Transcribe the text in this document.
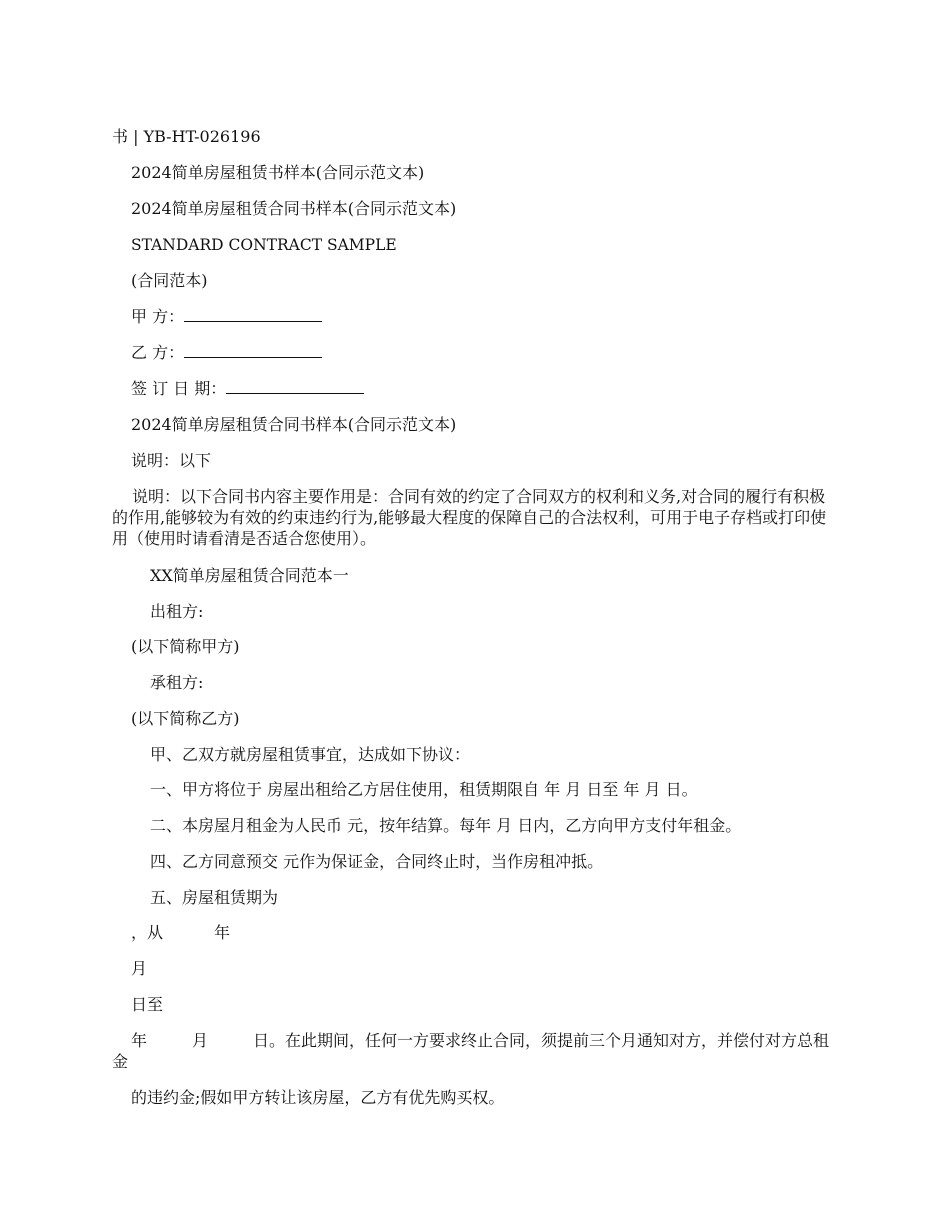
书 | YB-HT-026196
2024简单房屋租赁书样本(合同示范文本)
2024简单房屋租赁合同书样本(合同示范文本)
STANDARD CONTRACT SAMPLE
(合同范本)
甲 方：
乙 方：
签 订 日 期：
2024简单房屋租赁合同书样本(合同示范文本)
说明：以下
说明：以下合同书内容主要作用是：合同有效的约定了合同双方的权利和义务,对合同的履行有积极的作用,能够较为有效的约束违约行为,能够最大程度的保障自己的合法权利，可用于电子存档或打印使用（使用时请看清是否适合您使用）。
XX简单房屋租赁合同范本一
出租方:
(以下简称甲方)
承租方:
(以下简称乙方)
甲、乙双方就房屋租赁事宜，达成如下协议：
一、甲方将位于 房屋出租给乙方居住使用，租赁期限自 年 月 日至 年 月 日。
二、本房屋月租金为人民币 元，按年结算。每年 月 日内，乙方向甲方支付年租金。
四、乙方同意预交 元作为保证金，合同终止时，当作房租冲抵。
五、房屋租赁期为
，从	年
月
日至
年	月	日。在此期间，任何一方要求终止合同，须提前三个月通知对方，并偿付对方总租金
的违约金;假如甲方转让该房屋，乙方有优先购买权。
